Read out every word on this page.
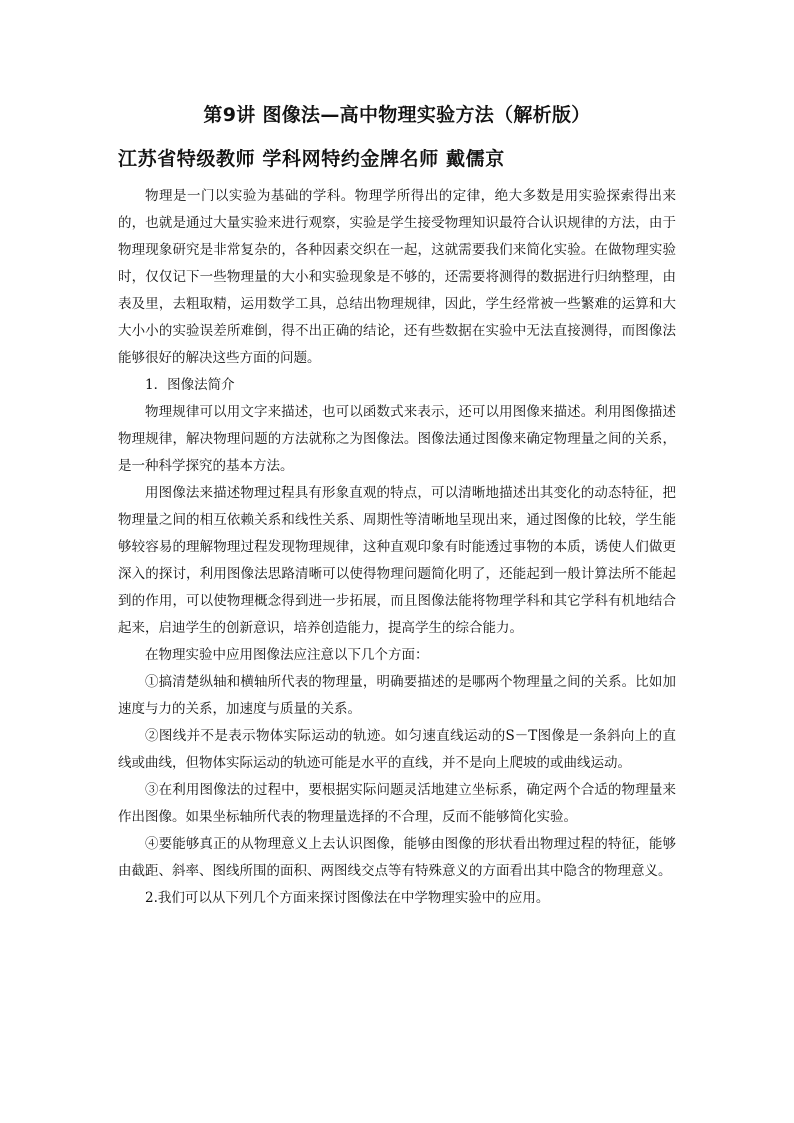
第9讲 图像法—高中物理实验方法（解析版）
江苏省特级教师 学科网特约金牌名师 戴儒京

物理是一门以实验为基础的学科。物理学所得出的定律，绝大多数是用实验探索得出来的，也就是通过大量实验来进行观察，实验是学生接受物理知识最符合认识规律的方法，由于物理现象研究是非常复杂的，各种因素交织在一起，这就需要我们来简化实验。在做物理实验时，仅仅记下一些物理量的大小和实验现象是不够的，还需要将测得的数据进行归纳整理，由表及里，去粗取精，运用数学工具，总结出物理规律，因此，学生经常被一些繁难的运算和大大小小的实验误差所难倒，得不出正确的结论，还有些数据在实验中无法直接测得，而图像法能够很好的解决这些方面的问题。

1．图像法简介

物理规律可以用文字来描述，也可以函数式来表示，还可以用图像来描述。利用图像描述物理规律，解决物理问题的方法就称之为图像法。图像法通过图像来确定物理量之间的关系，是一种科学探究的基本方法。

用图像法来描述物理过程具有形象直观的特点，可以清晰地描述出其变化的动态特征，把物理量之间的相互依赖关系和线性关系、周期性等清晰地呈现出来，通过图像的比较，学生能够较容易的理解物理过程发现物理规律，这种直观印象有时能透过事物的本质，诱使人们做更深入的探讨，利用图像法思路清晰可以使得物理问题简化明了，还能起到一般计算法所不能起到的作用，可以使物理概念得到进一步拓展，而且图像法能将物理学科和其它学科有机地结合起来，启迪学生的创新意识，培养创造能力，提高学生的综合能力。

在物理实验中应用图像法应注意以下几个方面：

①搞清楚纵轴和横轴所代表的物理量，明确要描述的是哪两个物理量之间的关系。比如加速度与力的关系，加速度与质量的关系。

②图线并不是表示物体实际运动的轨迹。如匀速直线运动的S－T图像是一条斜向上的直线或曲线，但物体实际运动的轨迹可能是水平的直线，并不是向上爬坡的或曲线运动。

③在利用图像法的过程中，要根据实际问题灵活地建立坐标系，确定两个合适的物理量来作出图像。如果坐标轴所代表的物理量选择的不合理，反而不能够简化实验。

④要能够真正的从物理意义上去认识图像，能够由图像的形状看出物理过程的特征，能够由截距、斜率、图线所围的面积、两图线交点等有特殊意义的方面看出其中隐含的物理意义。

2.我们可以从下列几个方面来探讨图像法在中学物理实验中的应用。
